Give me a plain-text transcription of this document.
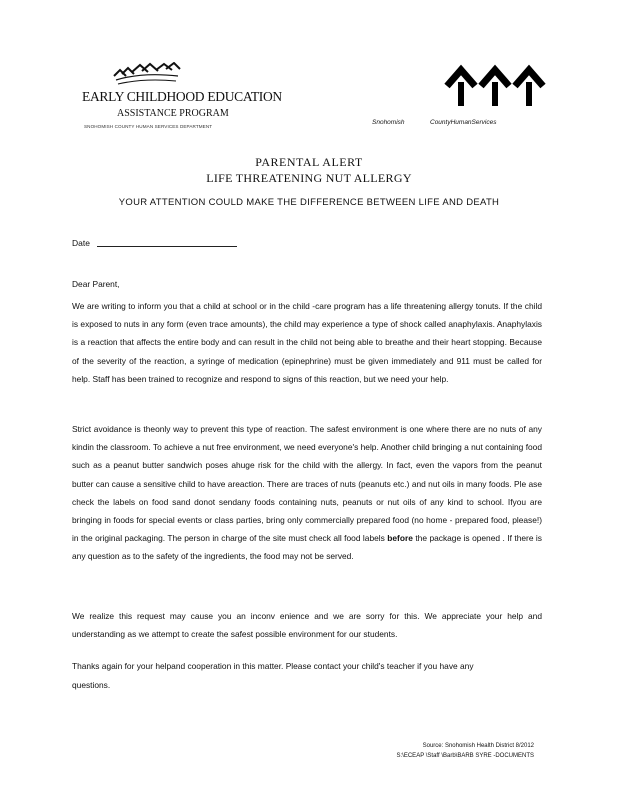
EARLY CHILDHOOD EDUCATION
ASSISTANCE PROGRAM
SNOHOMISH COUNTY HUMAN SERVICES DEPARTMENT
Snohomish	CountyHumanServices
PARENTAL ALERT
LIFE THREATENING NUT ALLERGY
YOUR ATTENTION COULD MAKE THE DIFFERENCE BETWEEN LIFE AND DEATH
Date
Dear Parent,
We are writing to inform you that a child at school or in the child -care program has a life threatening allergy tonuts. If the child is exposed to nuts in any form (even trace amounts), the child may experience a type of shock called anaphylaxis. Anaphylaxis is a reaction that affects the entire body and can result in the child not being able to breathe and their heart stopping. Because of the severity of the reaction, a syringe of medication (epinephrine) must be given immediately and 911 must be called for help. Staff has been trained to recognize and respond to signs of this reaction, but we need your help.
Strict avoidance is theonly way to prevent this type of reaction. The safest environment is one where there are no nuts of any kindin the classroom. To achieve a nut free environment, we need everyone's help. Another child bringing a nut containing food such as a peanut butter sandwich poses ahuge risk for the child with the allergy. In fact, even the vapors from the peanut butter can cause a sensitive child to have areaction. There are traces of nuts (peanuts etc.) and nut oils in many foods. Ple ase check the labels on food sand donot sendany foods containing nuts, peanuts or nut oils of any kind to school. Ifyou are bringing in foods for special events or class parties, bring only commercially prepared food (no home - prepared food, please!) in the original packaging. The person in charge of the site must check all food labels before the package is opened . If there is any question as to the safety of the ingredients, the food may not be served.
We realize this request may cause you an inconv enience and we are sorry for this. We appreciate your help and understanding as we attempt to create the safest possible environment for our students.
Thanks again for your helpand cooperation in this matter. Please contact your child's teacher if you have any
questions.
Source: Snohomish Health District 8/2012
S:\ECEAP \Staff \Barb\BARB SYRE -DOCUMENTS
